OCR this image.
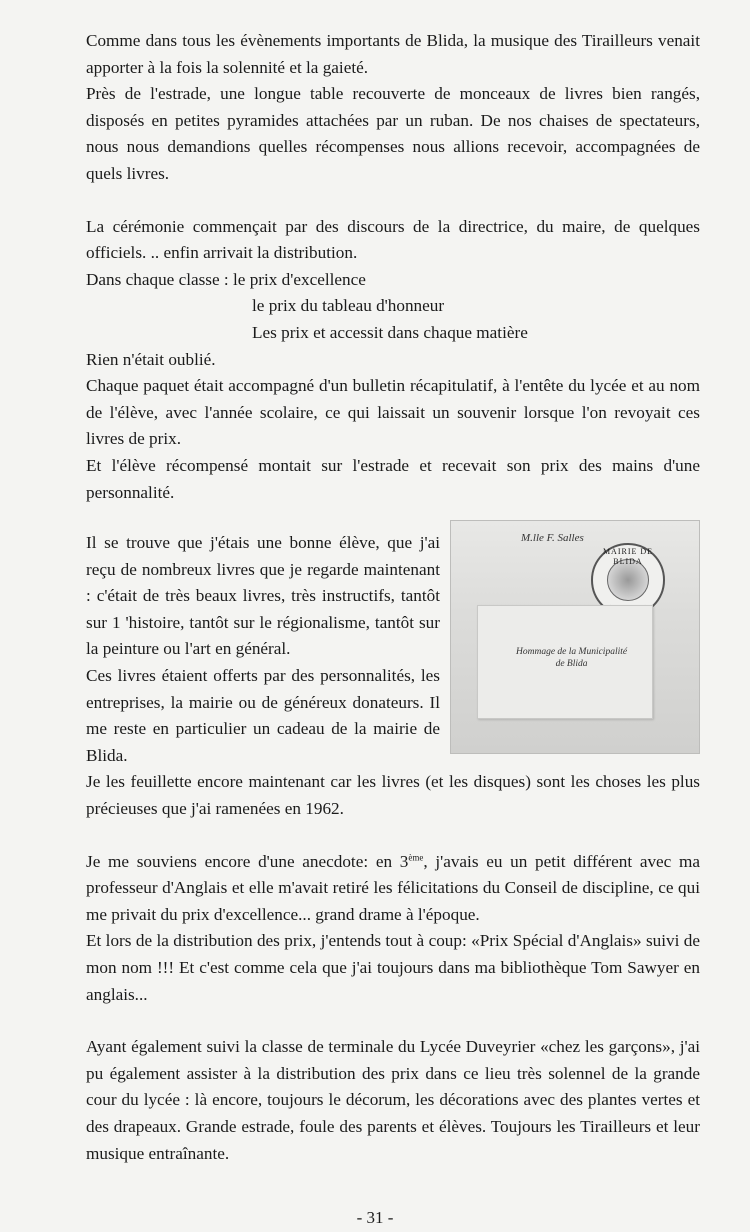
Comme dans tous les évènements importants de Blida, la musique des Tirailleurs venait apporter à la fois la solennité et la gaieté.

Près de l'estrade, une longue table recouverte de monceaux de livres bien rangés, disposés en petites pyramides attachées par un ruban. De nos chaises de spectateurs, nous nous demandions quelles récompenses nous allions recevoir, accompagnées de quels livres.

La cérémonie commençait par des discours de la directrice, du maire, de quelques officiels. .. enfin arrivait la distribution.

Dans chaque classe : le prix d'excellence
le prix du tableau d'honneur
Les prix et accessit dans chaque matière

Rien n'était oublié.

Chaque paquet était accompagné d'un bulletin récapitulatif, à l'entête du lycée et au nom de l'élève, avec l'année scolaire, ce qui laissait un souvenir lorsque l'on revoyait ces livres de prix.

Et l'élève récompensé montait sur l'estrade et recevait son prix des mains d'une personnalité.

M.lle F. Salles
MAIRIE DE BLIDA
Hommage de la Municipalité
de Blida

Il se trouve que j'étais une bonne élève, que j'ai reçu de nombreux livres que je regarde maintenant : c'était de très beaux livres, très instructifs, tantôt sur 1 'histoire, tantôt sur le régionalisme, tantôt sur la peinture ou l'art en général.

Ces livres étaient offerts par des personnalités, les entreprises, la mairie ou de généreux donateurs. Il me reste en particulier un cadeau de la mairie de Blida.

Je les feuillette encore maintenant car les livres (et les disques) sont les choses les plus précieuses que j'ai ramenées en 1962.

Je me souviens encore d'une anecdote: en 3ème, j'avais eu un petit différent avec ma professeur d'Anglais et elle m'avait retiré les félicitations du Conseil de discipline, ce qui me privait du prix d'excellence... grand drame à l'époque.

Et lors de la distribution des prix, j'entends tout à coup: «Prix Spécial d'Anglais» suivi de mon nom !!! Et c'est comme cela que j'ai toujours dans ma bibliothèque Tom Sawyer en anglais...

Ayant également suivi la classe de terminale du Lycée Duveyrier «chez les garçons», j'ai pu également assister à la distribution des prix dans ce lieu très solennel de la grande cour du lycée : là encore, toujours le décorum, les décorations avec des plantes vertes et des drapeaux. Grande estrade, foule des parents et élèves. Toujours les Tirailleurs et leur musique entraînante.

- 31 -
